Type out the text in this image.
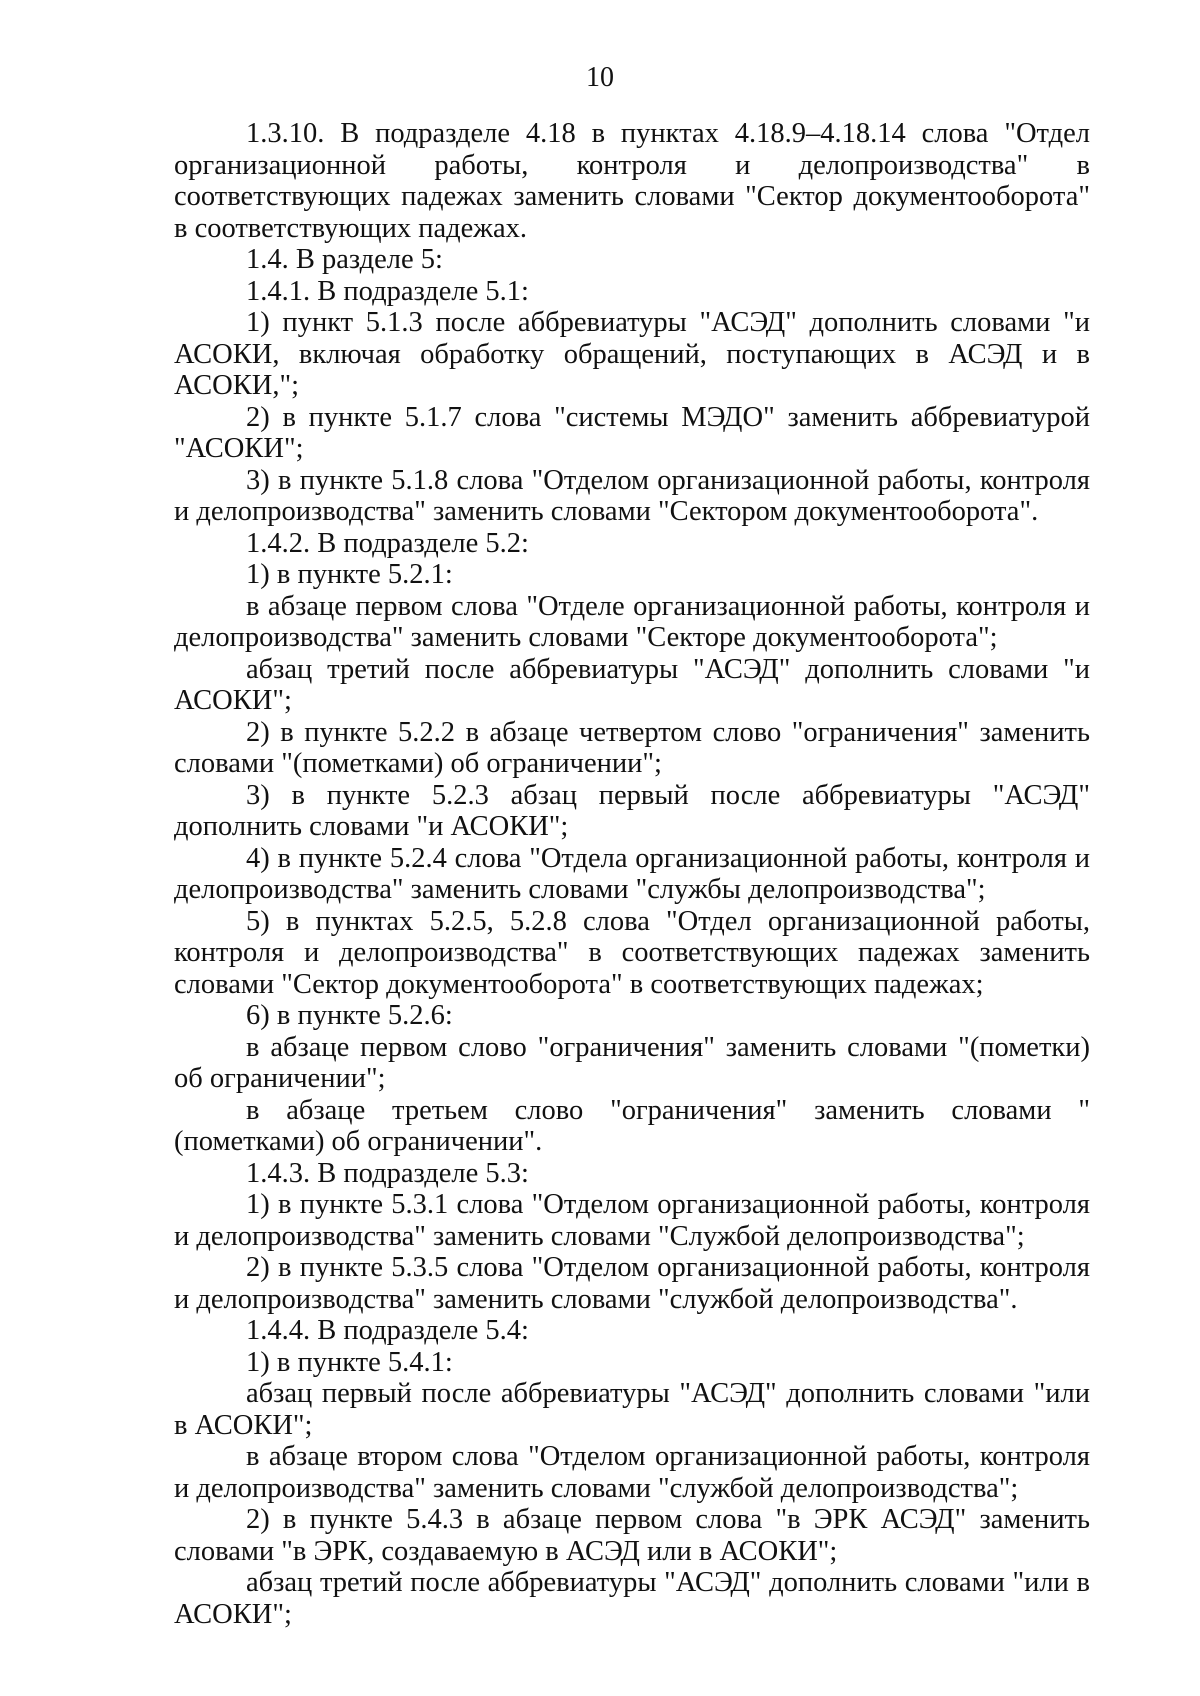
10

1.3.10. В подразделе 4.18 в пунктах 4.18.9–4.18.14 слова "Отдел организационной работы, контроля и делопроизводства" в соответствующих падежах заменить словами "Сектор документооборота" в соответствующих падежах.

1.4. В разделе 5:

1.4.1. В подразделе 5.1:

1) пункт 5.1.3 после аббревиатуры "АСЭД" дополнить словами "и АСОКИ, включая обработку обращений, поступающих в АСЭД и в АСОКИ,";

2) в пункте 5.1.7 слова "системы МЭДО" заменить аббревиатурой "АСОКИ";

3) в пункте 5.1.8 слова "Отделом организационной работы, контроля и делопроизводства" заменить словами "Сектором документооборота".

1.4.2. В подразделе 5.2:

1) в пункте 5.2.1:

в абзаце первом слова "Отделе организационной работы, контроля и делопроизводства" заменить словами "Секторе документооборота";

абзац третий после аббревиатуры "АСЭД" дополнить словами "и АСОКИ";

2) в пункте 5.2.2 в абзаце четвертом слово "ограничения" заменить словами "(пометками) об ограничении";

3) в пункте 5.2.3 абзац первый после аббревиатуры "АСЭД" дополнить словами "и АСОКИ";

4) в пункте 5.2.4 слова "Отдела организационной работы, контроля и делопроизводства" заменить словами "службы делопроизводства";

5) в пунктах 5.2.5, 5.2.8 слова "Отдел организационной работы, контроля и делопроизводства" в соответствующих падежах заменить словами "Сектор документооборота" в соответствующих падежах;

6) в пункте 5.2.6:

в абзаце первом слово "ограничения" заменить словами "(пометки) об ограничении";

в абзаце третьем слово "ограничения" заменить словами "(пометками) об ограничении".

1.4.3. В подразделе 5.3:

1) в пункте 5.3.1 слова "Отделом организационной работы, контроля и делопроизводства" заменить словами "Службой делопроизводства";

2) в пункте 5.3.5 слова "Отделом организационной работы, контроля и делопроизводства" заменить словами "службой делопроизводства".

1.4.4. В подразделе 5.4:

1) в пункте 5.4.1:

абзац первый после аббревиатуры "АСЭД" дополнить словами "или в АСОКИ";

в абзаце втором слова "Отделом организационной работы, контроля и делопроизводства" заменить словами "службой делопроизводства";

2) в пункте 5.4.3 в абзаце первом слова "в ЭРК АСЭД" заменить словами "в ЭРК, создаваемую в АСЭД или в АСОКИ";

абзац третий после аббревиатуры "АСЭД" дополнить словами "или в АСОКИ";
